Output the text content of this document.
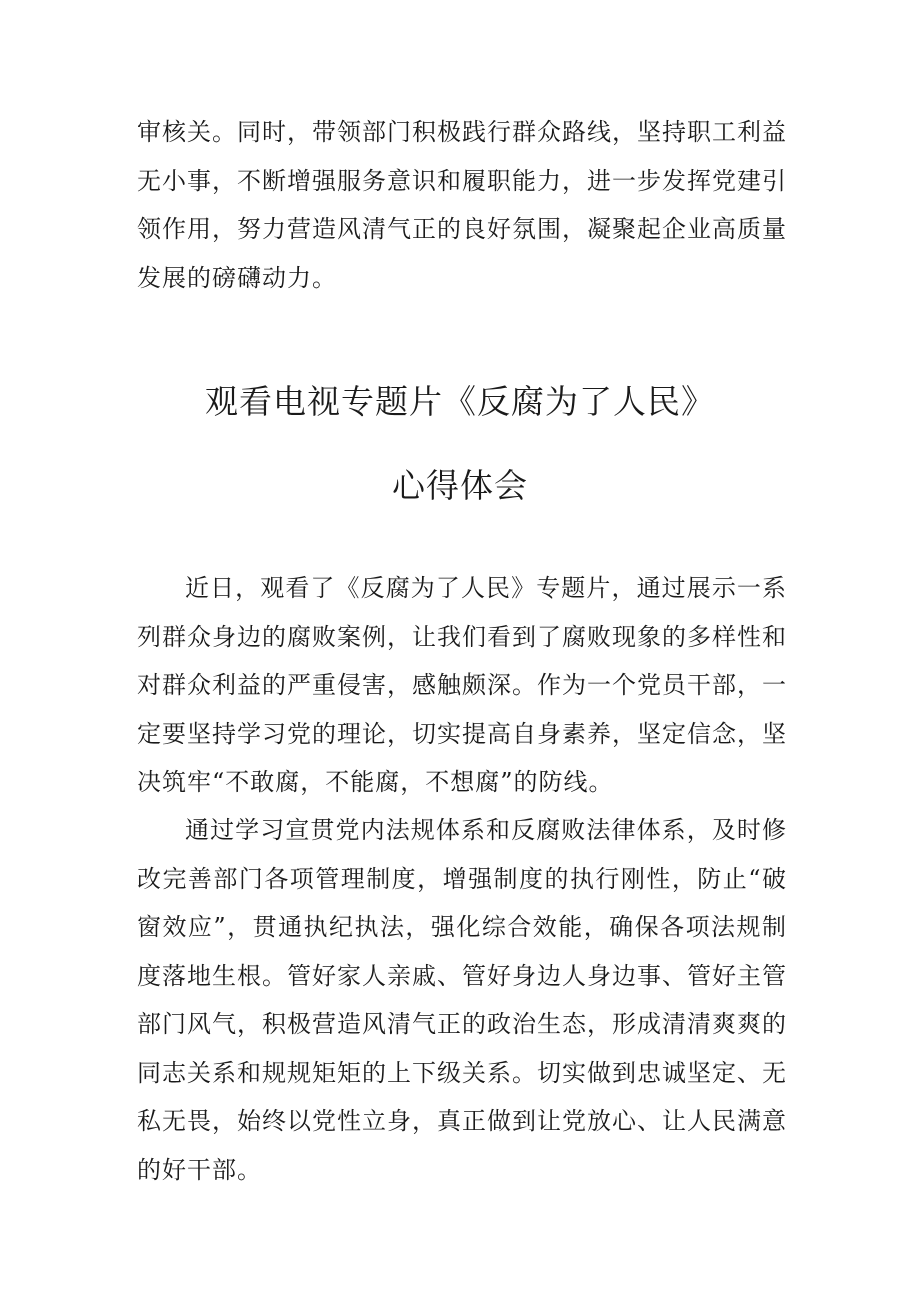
审核关。同时，带领部门积极践行群众路线，坚持职工利益无小事，不断增强服务意识和履职能力，进一步发挥党建引领作用，努力营造风清气正的良好氛围，凝聚起企业高质量发展的磅礴动力。

观看电视专题片《反腐为了人民》
心得体会

近日，观看了《反腐为了人民》专题片，通过展示一系列群众身边的腐败案例，让我们看到了腐败现象的多样性和对群众利益的严重侵害，感触颇深。作为一个党员干部，一定要坚持学习党的理论，切实提高自身素养，坚定信念，坚决筑牢“不敢腐，不能腐，不想腐”的防线。

通过学习宣贯党内法规体系和反腐败法律体系，及时修改完善部门各项管理制度，增强制度的执行刚性，防止“破窗效应”，贯通执纪执法，强化综合效能，确保各项法规制度落地生根。管好家人亲戚、管好身边人身边事、管好主管部门风气，积极营造风清气正的政治生态，形成清清爽爽的同志关系和规规矩矩的上下级关系。切实做到忠诚坚定、无私无畏，始终以党性立身，真正做到让党放心、让人民满意的好干部。
